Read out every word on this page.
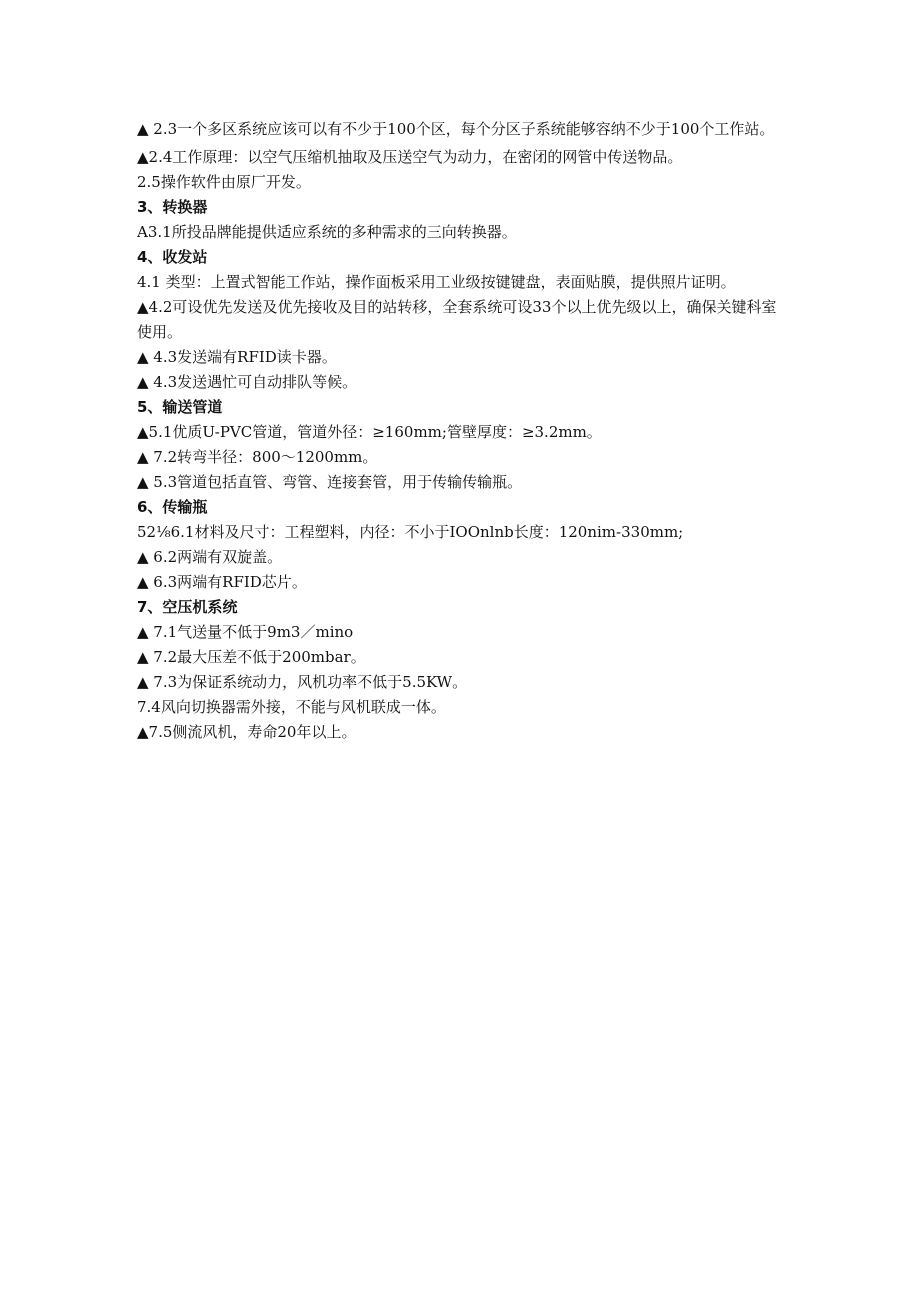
▲ 2.3一个多区系统应该可以有不少于100个区，每个分区子系统能够容纳不少于100个工作站。

▲2.4工作原理：以空气压缩机抽取及压送空气为动力，在密闭的网管中传送物品。

2.5操作软件由原厂开发。

3、转换器

A3.1所投品牌能提供适应系统的多种需求的三向转换器。

4、收发站

4.1 类型：上置式智能工作站，操作面板采用工业级按键键盘，表面贴膜，提供照片证明。

▲4.2可设优先发送及优先接收及目的站转移，全套系统可设33个以上优先级以上，确保关键科室使用。

▲ 4.3发送端有RFID读卡器。

▲ 4.3发送遇忙可自动排队等候。

5、输送管道

▲5.1优质U-PVC管道，管道外径：≥160mm;管壁厚度：≥3.2mm。

▲ 7.2转弯半径：800～1200mm。

▲ 5.3管道包括直管、弯管、连接套管，用于传输传输瓶。

6、传输瓶

52⅛6.1材料及尺寸：工程塑料，内径：不小于IOOnlnb长度：120nim-330mm;

▲ 6.2两端有双旋盖。

▲ 6.3两端有RFID芯片。

7、空压机系统

▲ 7.1气送量不低于9m3／mino

▲ 7.2最大压差不低于200mbar。

▲ 7.3为保证系统动力，风机功率不低于5.5KW。

7.4风向切换器需外接，不能与风机联成一体。

▲7.5侧流风机，寿命20年以上。
